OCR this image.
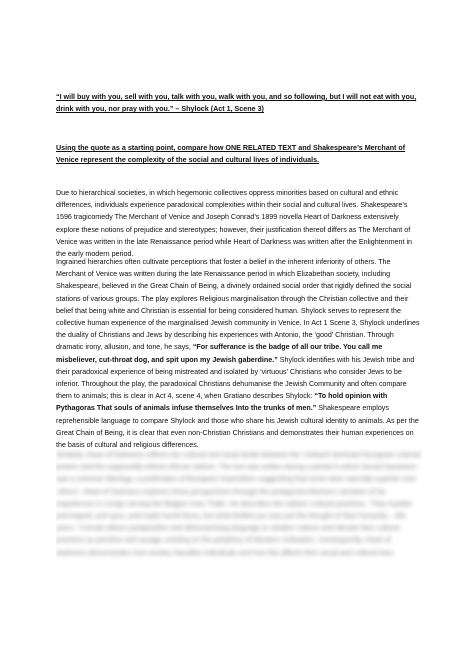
“I will buy with you, sell with you, talk with you, walk with you, and so following, but I will not eat with you, drink with you, nor pray with you.” – Shylock (Act 1, Scene 3)

Using the quote as a starting point, compare how ONE RELATED TEXT and Shakespeare’s Merchant of Venice represent the complexity of the social and cultural lives of individuals.

Due to hierarchical societies, in which hegemonic collectives oppress minorities based on cultural and ethnic differences, individuals experience paradoxical complexities within their social and cultural lives. Shakespeare’s 1596 tragicomedy The Merchant of Venice and Joseph Conrad’s 1899 novella Heart of Darkness extensively explore these notions of prejudice and stereotypes; however, their justification thereof differs as The Merchant of Venice was written in the late Renaissance period while Heart of Darkness was written after the Enlightenment in the early modern period.

Ingrained hierarchies often cultivate perceptions that foster a belief in the inherent inferiority of others. The Merchant of Venice was written during the late Renaissance period in which Elizabethan society, including Shakespeare, believed in the Great Chain of Being, a divinely ordained social order that rigidly defined the social stations of various groups. The play explores Religious marginalisation through the Christian collective and their belief that being white and Christian is essential for being considered human. Shylock serves to represent the collective human experience of the marginalised Jewish community in Venice. In Act 1 Scene 3, Shylock underlines the duality of Christians and Jews by describing his experiences with Antonio, the ‘good’ Christian. Through dramatic irony, allusion, and tone, he says, “For sufferance is the badge of all our tribe. You call me misbeliever, cut-throat dog, and spit upon my Jewish gaberdine.” Shylock identifies with his Jewish tribe and their paradoxical experience of being mistreated and isolated by ‘virtuous’ Christians who consider Jews to be inferior. Throughout the play, the paradoxical Christians dehumanise the Jewish Community and often compare them to animals; this is clear in Act 4, scene 4, when Gratiano describes Shylock: “To hold opinion with Pythagoras That souls of animals infuse themselves Into the trunks of men.” Shakespeare employs reprehensible language to compare Shylock and those who share his Jewish cultural identity to animals. As per the Great Chain of Being, it is clear that even non-Christian Christians and demonstrates their human experiences on the basis of cultural and religious differences.

Similarly, Heart of Darkness reflects the cultural and racial divide between the ‘civilised’ dominant European colonial powers and the supposedly inferior African natives. The text was written during a period in which Social Darwinism was a common ideology, a justification of European imperialism suggesting that some were naturally superior over ‘others’. Heart of Darkness explores those perspectives through the protagonist Marlow’s narration of his experiences in Congo serving the Belgian Ivory Trade. He describes the natives’ cultural practices, “They howled and leaped, and spun, and made horrid faces, but what thrilled you was just the thought of their humanity – like yours.” Conrad utilises juxtaposition and dehumanising language to weaken natives and elevate their cultural practices as primitive and savage, existing on the periphery of Western civilisation. Consequently, Heart of Darkness demonstrates how society classifies individuals and how this affects their social and cultural lives.
